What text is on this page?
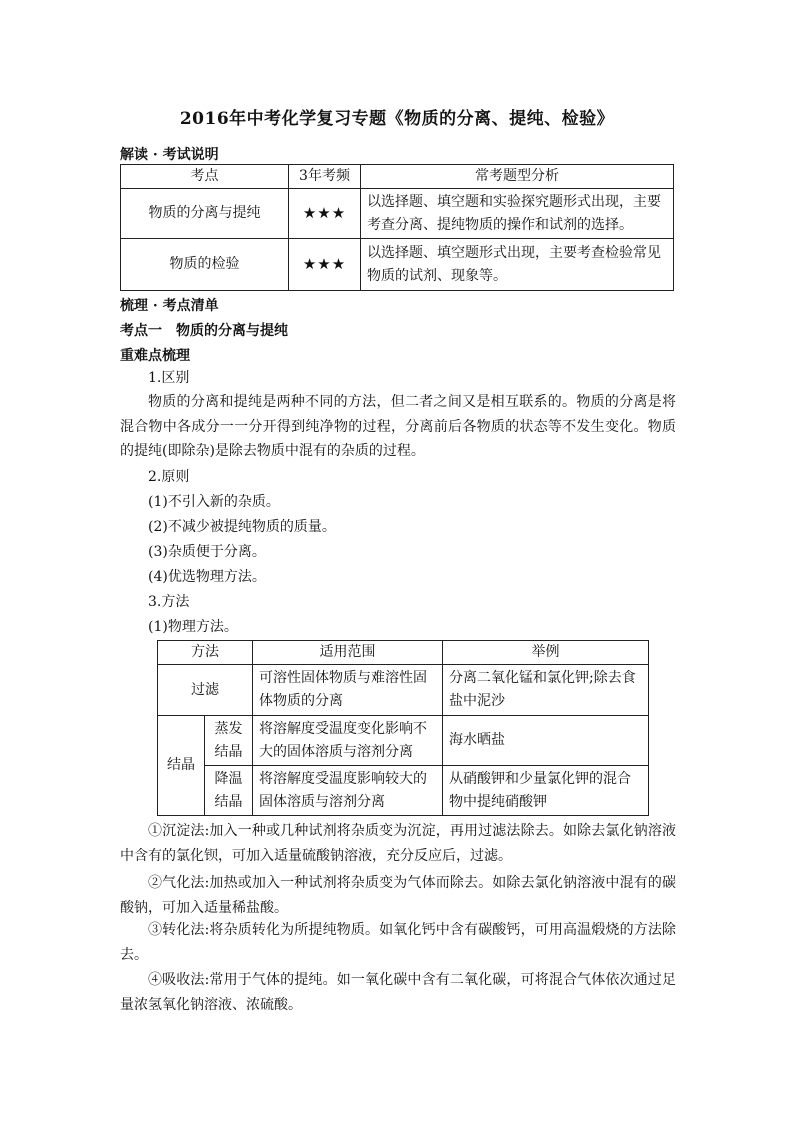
2016年中考化学复习专题《物质的分离、提纯、检验》
解读 · 考试说明
考点	3年考频	常考题型分析
物质的分离与提纯	★★★	以选择题、填空题和实验探究题形式出现，主要考查分离、提纯物质的操作和试剂的选择。
物质的检验	★★★	以选择题、填空题形式出现，主要考查检验常见物质的试剂、现象等。
梳理 · 考点清单
考点一　物质的分离与提纯
重难点梳理
1.区别
物质的分离和提纯是两种不同的方法，但二者之间又是相互联系的。物质的分离是将混合物中各成分一一分开得到纯净物的过程，分离前后各物质的状态等不发生变化。物质的提纯(即除杂)是除去物质中混有的杂质的过程。
2.原则
(1)不引入新的杂质。
(2)不减少被提纯物质的质量。
(3)杂质便于分离。
(4)优选物理方法。
3.方法
(1)物理方法。
方法		适用范围	举例
过滤		可溶性固体物质与难溶性固体物质的分离	分离二氧化锰和氯化钾;除去食盐中泥沙
结晶	蒸发结晶	将溶解度受温度变化影响不大的固体溶质与溶剂分离	海水晒盐
	降温结晶	将溶解度受温度影响较大的固体溶质与溶剂分离	从硝酸钾和少量氯化钾的混合物中提纯硝酸钾
①沉淀法:加入一种或几种试剂将杂质变为沉淀，再用过滤法除去。如除去氯化钠溶液中含有的氯化钡，可加入适量硫酸钠溶液，充分反应后，过滤。
②气化法:加热或加入一种试剂将杂质变为气体而除去。如除去氯化钠溶液中混有的碳酸钠，可加入适量稀盐酸。
③转化法:将杂质转化为所提纯物质。如氧化钙中含有碳酸钙，可用高温煅烧的方法除去。
④吸收法:常用于气体的提纯。如一氧化碳中含有二氧化碳，可将混合气体依次通过足量浓氢氧化钠溶液、浓硫酸。
